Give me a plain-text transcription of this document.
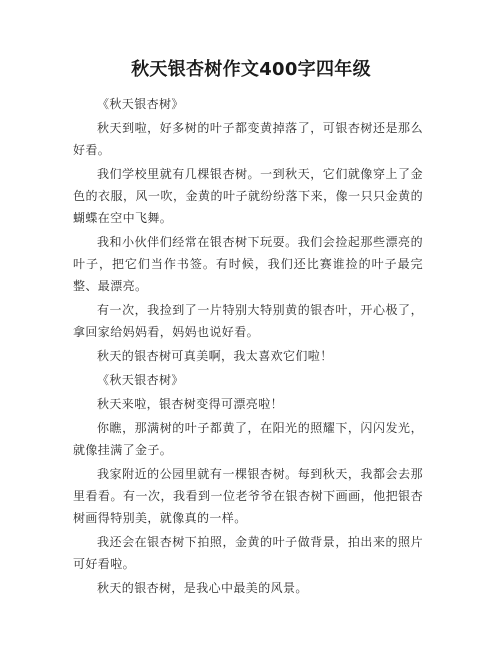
秋天银杏树作文400字四年级

《秋天银杏树》

秋天到啦，好多树的叶子都变黄掉落了，可银杏树还是那么好看。

我们学校里就有几棵银杏树。一到秋天，它们就像穿上了金色的衣服，风一吹，金黄的叶子就纷纷落下来，像一只只金黄的蝴蝶在空中飞舞。

我和小伙伴们经常在银杏树下玩耍。我们会捡起那些漂亮的叶子，把它们当作书签。有时候，我们还比赛谁捡的叶子最完整、最漂亮。

有一次，我捡到了一片特别大特别黄的银杏叶，开心极了，拿回家给妈妈看，妈妈也说好看。

秋天的银杏树可真美啊，我太喜欢它们啦！

《秋天银杏树》

秋天来啦，银杏树变得可漂亮啦！

你瞧，那满树的叶子都黄了，在阳光的照耀下，闪闪发光，就像挂满了金子。

我家附近的公园里就有一棵银杏树。每到秋天，我都会去那里看看。有一次，我看到一位老爷爷在银杏树下画画，他把银杏树画得特别美，就像真的一样。

我还会在银杏树下拍照，金黄的叶子做背景，拍出来的照片可好看啦。

秋天的银杏树，是我心中最美的风景。
